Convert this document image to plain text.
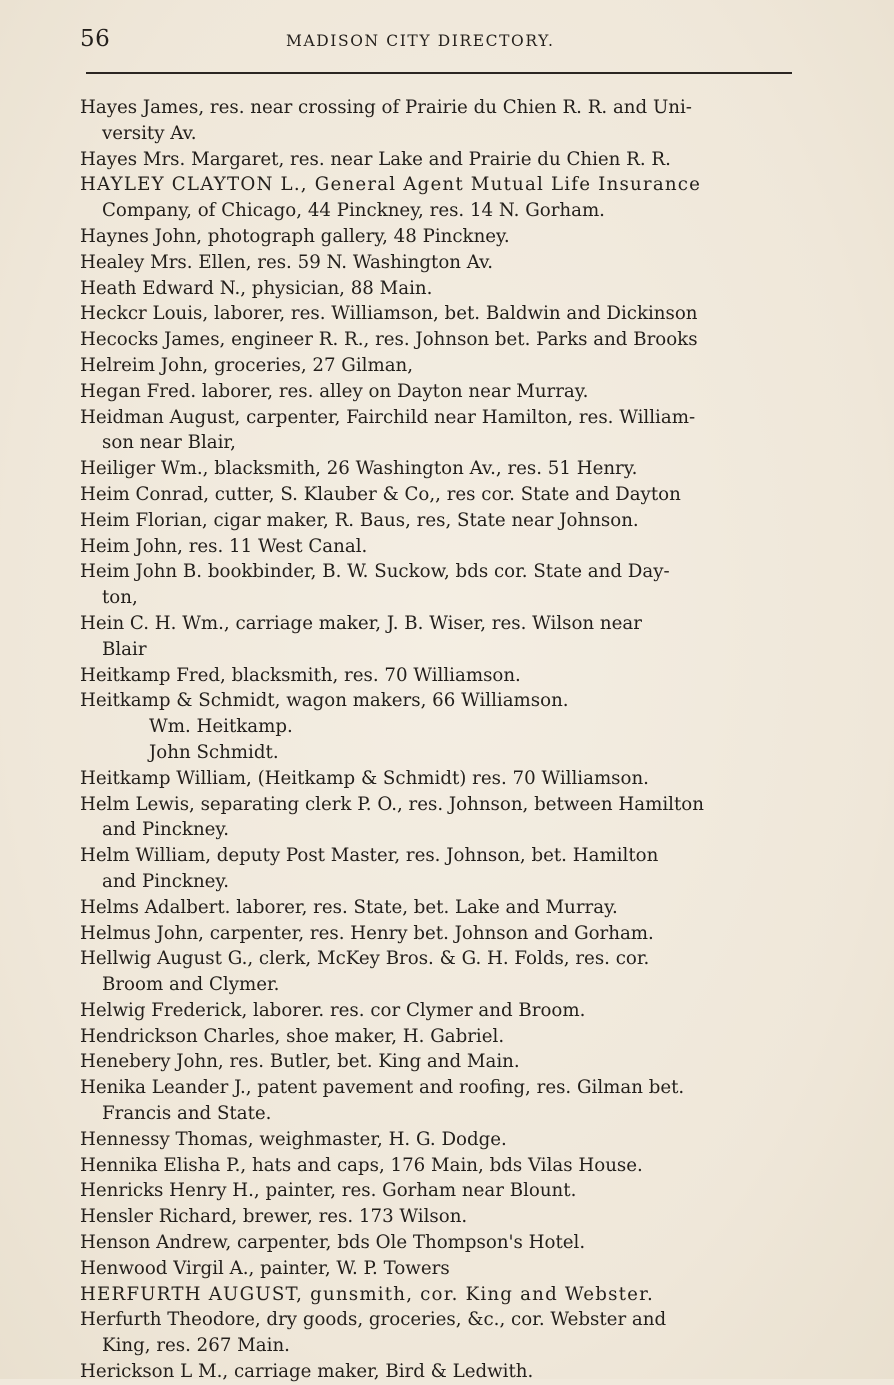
56	MADISON CITY DIRECTORY.
Hayes James, res. near crossing of Prairie du Chien R. R. and Uni-
versity Av.
Hayes Mrs. Margaret, res. near Lake and Prairie du Chien R. R.
HAYLEY CLAYTON L., General Agent Mutual Life Insurance
Company, of Chicago, 44 Pinckney, res. 14 N. Gorham.
Haynes John, photograph gallery, 48 Pinckney.
Healey Mrs. Ellen, res. 59 N. Washington Av.
Heath Edward N., physician, 88 Main.
Heckcr Louis, laborer, res. Williamson, bet. Baldwin and Dickinson
Hecocks James, engineer R. R., res. Johnson bet. Parks and Brooks
Helreim John, groceries, 27 Gilman,
Hegan Fred. laborer, res. alley on Dayton near Murray.
Heidman August, carpenter, Fairchild near Hamilton, res. William-
son near Blair,
Heiliger Wm., blacksmith, 26 Washington Av., res. 51 Henry.
Heim Conrad, cutter, S. Klauber & Co,, res cor. State and Dayton
Heim Florian, cigar maker, R. Baus, res, State near Johnson.
Heim John, res. 11 West Canal.
Heim John B. bookbinder, B. W. Suckow, bds cor. State and Day-
ton,
Hein C. H. Wm., carriage maker, J. B. Wiser, res. Wilson near
Blair
Heitkamp Fred, blacksmith, res. 70 Williamson.
Heitkamp & Schmidt, wagon makers, 66 Williamson.
Wm. Heitkamp.
John Schmidt.
Heitkamp William, (Heitkamp & Schmidt) res. 70 Williamson.
Helm Lewis, separating clerk P. O., res. Johnson, between Hamilton
and Pinckney.
Helm William, deputy Post Master, res. Johnson, bet. Hamilton
and Pinckney.
Helms Adalbert. laborer, res. State, bet. Lake and Murray.
Helmus John, carpenter, res. Henry bet. Johnson and Gorham.
Hellwig August G., clerk, McKey Bros. & G. H. Folds, res. cor.
Broom and Clymer.
Helwig Frederick, laborer. res. cor Clymer and Broom.
Hendrickson Charles, shoe maker, H. Gabriel.
Henebery John, res. Butler, bet. King and Main.
Henika Leander J., patent pavement and roofing, res. Gilman bet.
Francis and State.
Hennessy Thomas, weighmaster, H. G. Dodge.
Hennika Elisha P., hats and caps, 176 Main, bds Vilas House.
Henricks Henry H., painter, res. Gorham near Blount.
Hensler Richard, brewer, res. 173 Wilson.
Henson Andrew, carpenter, bds Ole Thompson's Hotel.
Henwood Virgil A., painter, W. P. Towers
HERFURTH AUGUST, gunsmith, cor. King and Webster.
Herfurth Theodore, dry goods, groceries, &c., cor. Webster and
King, res. 267 Main.
Herickson L M., carriage maker, Bird & Ledwith.
